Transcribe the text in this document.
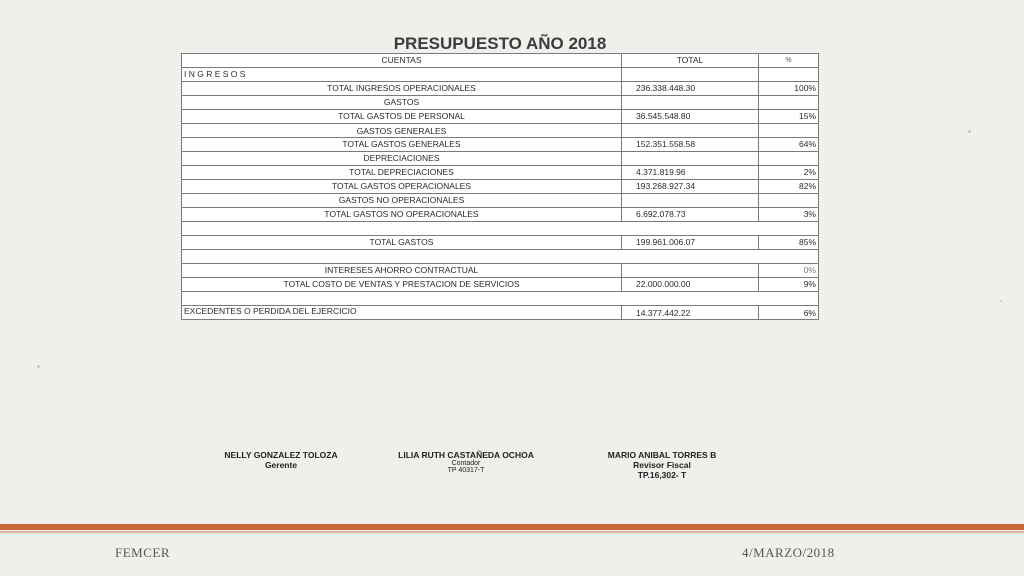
PRESUPUESTO AÑO 2018
CUENTAS	TOTAL	%
I N G R E S O S		
TOTAL INGRESOS OPERACIONALES	236.338.448.30	100%
GASTOS		
TOTAL GASTOS DE PERSONAL	36.545.548.80	15%
GASTOS GENERALES		
TOTAL GASTOS GENERALES	152.351.558.58	64%
DEPRECIACIONES		
TOTAL DEPRECIACIONES	4.371.819.96	2%
TOTAL GASTOS OPERACIONALES	193.268.927.34	82%
GASTOS NO OPERACIONALES		
TOTAL GASTOS NO OPERACIONALES	6.692.078.73	3%

TOTAL GASTOS	199.961.006.07	85%

INTERESES AHORRO CONTRACTUAL		0%
TOTAL COSTO DE VENTAS Y PRESTACION DE SERVICIOS	22.000.000.00	9%

EXCEDENTES O PERDIDA DEL EJERCICIO	14.377.442.22	6%
NELLY GONZALEZ TOLOZA
Gerente
LILIA RUTH CASTAÑEDA OCHOA
Contador
TP 40317-T
MARIO ANIBAL TORRES B
Revisor Fiscal
TP.16,302- T
FEMCER	4/MARZO/2018
